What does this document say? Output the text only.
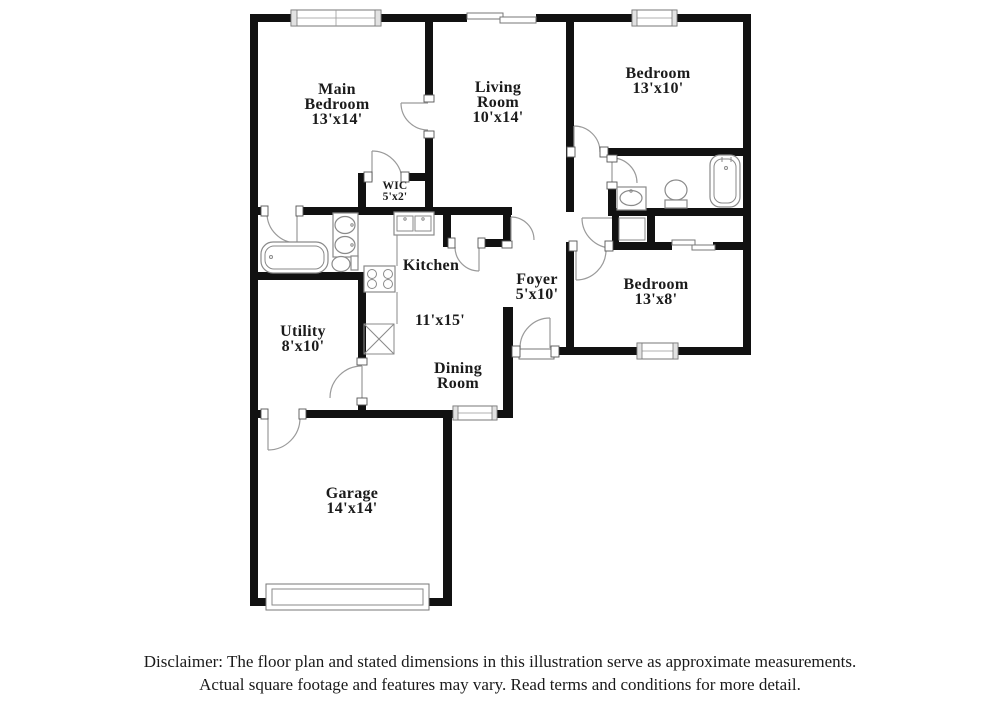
Main Bedroom
13'x14'
Living Room
10'x14'
Bedroom
13'x10'
WIC
5'x2'
Kitchen
11'x15'
Foyer
5'x10'
Bedroom
13'x8'
Utility
8'x10'
Dining Room
Garage
14'x14'
Disclaimer: The floor plan and stated dimensions in this illustration serve as approximate measurements.
Actual square footage and features may vary. Read terms and conditions for more detail.
